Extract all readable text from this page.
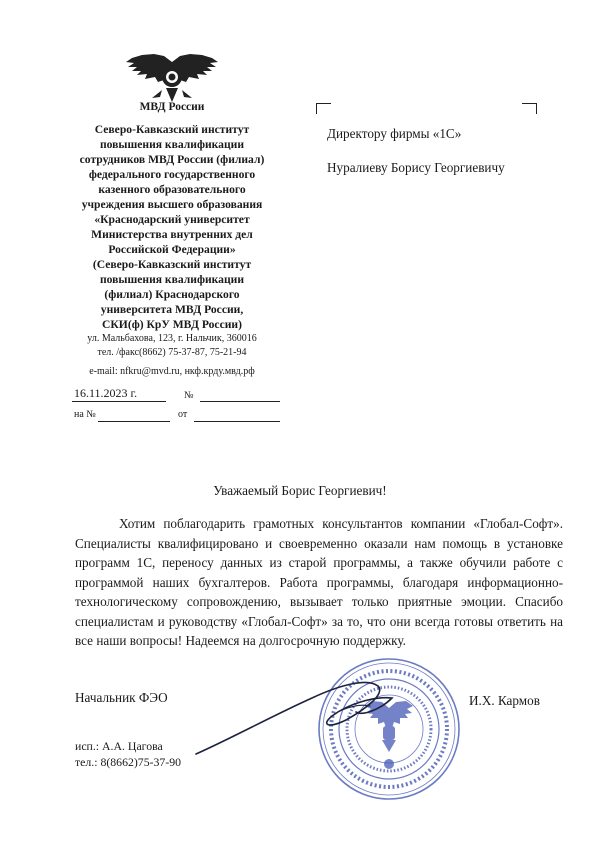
МВД России
Северо-Кавказский институт
повышения квалификации
сотрудников МВД России (филиал)
федерального государственного
казенного образовательного
учреждения высшего образования
«Краснодарский университет
Министерства внутренних дел
Российской Федерации»
(Северо-Кавказский институт
повышения квалификации
(филиал) Краснодарского
университета МВД России,
СКИ(ф) КрУ МВД России)
ул. Мальбахова, 123, г. Нальчик, 360016
тел. /факс(8662) 75-37-87, 75-21-94
e-mail: nfkru@mvd.ru, нкф.крду.мвд.рф
16.11.2023 г.	№
на №	от
Директору фирмы «1С»
Нуралиеву Борису Георгиевичу
Уважаемый Борис Георгиевич!
Хотим поблагодарить грамотных консультантов компании «Глобал-Софт». Специалисты квалифицировано и своевременно оказали нам помощь в установке программ 1С, переносу данных из старой программы, а также обучили работе с программой наших бухгалтеров. Работа программы, благодаря информационно-технологическому сопровождению, вызывает только приятные эмоции. Спасибо специалистам и руководству «Глобал-Софт» за то, что они всегда готовы ответить на все наши вопросы! Надеемся на долгосрочную поддержку.
Начальник ФЭО	И.Х. Кармов
исп.: А.А. Цагова
тел.: 8(8662)75-37-90
